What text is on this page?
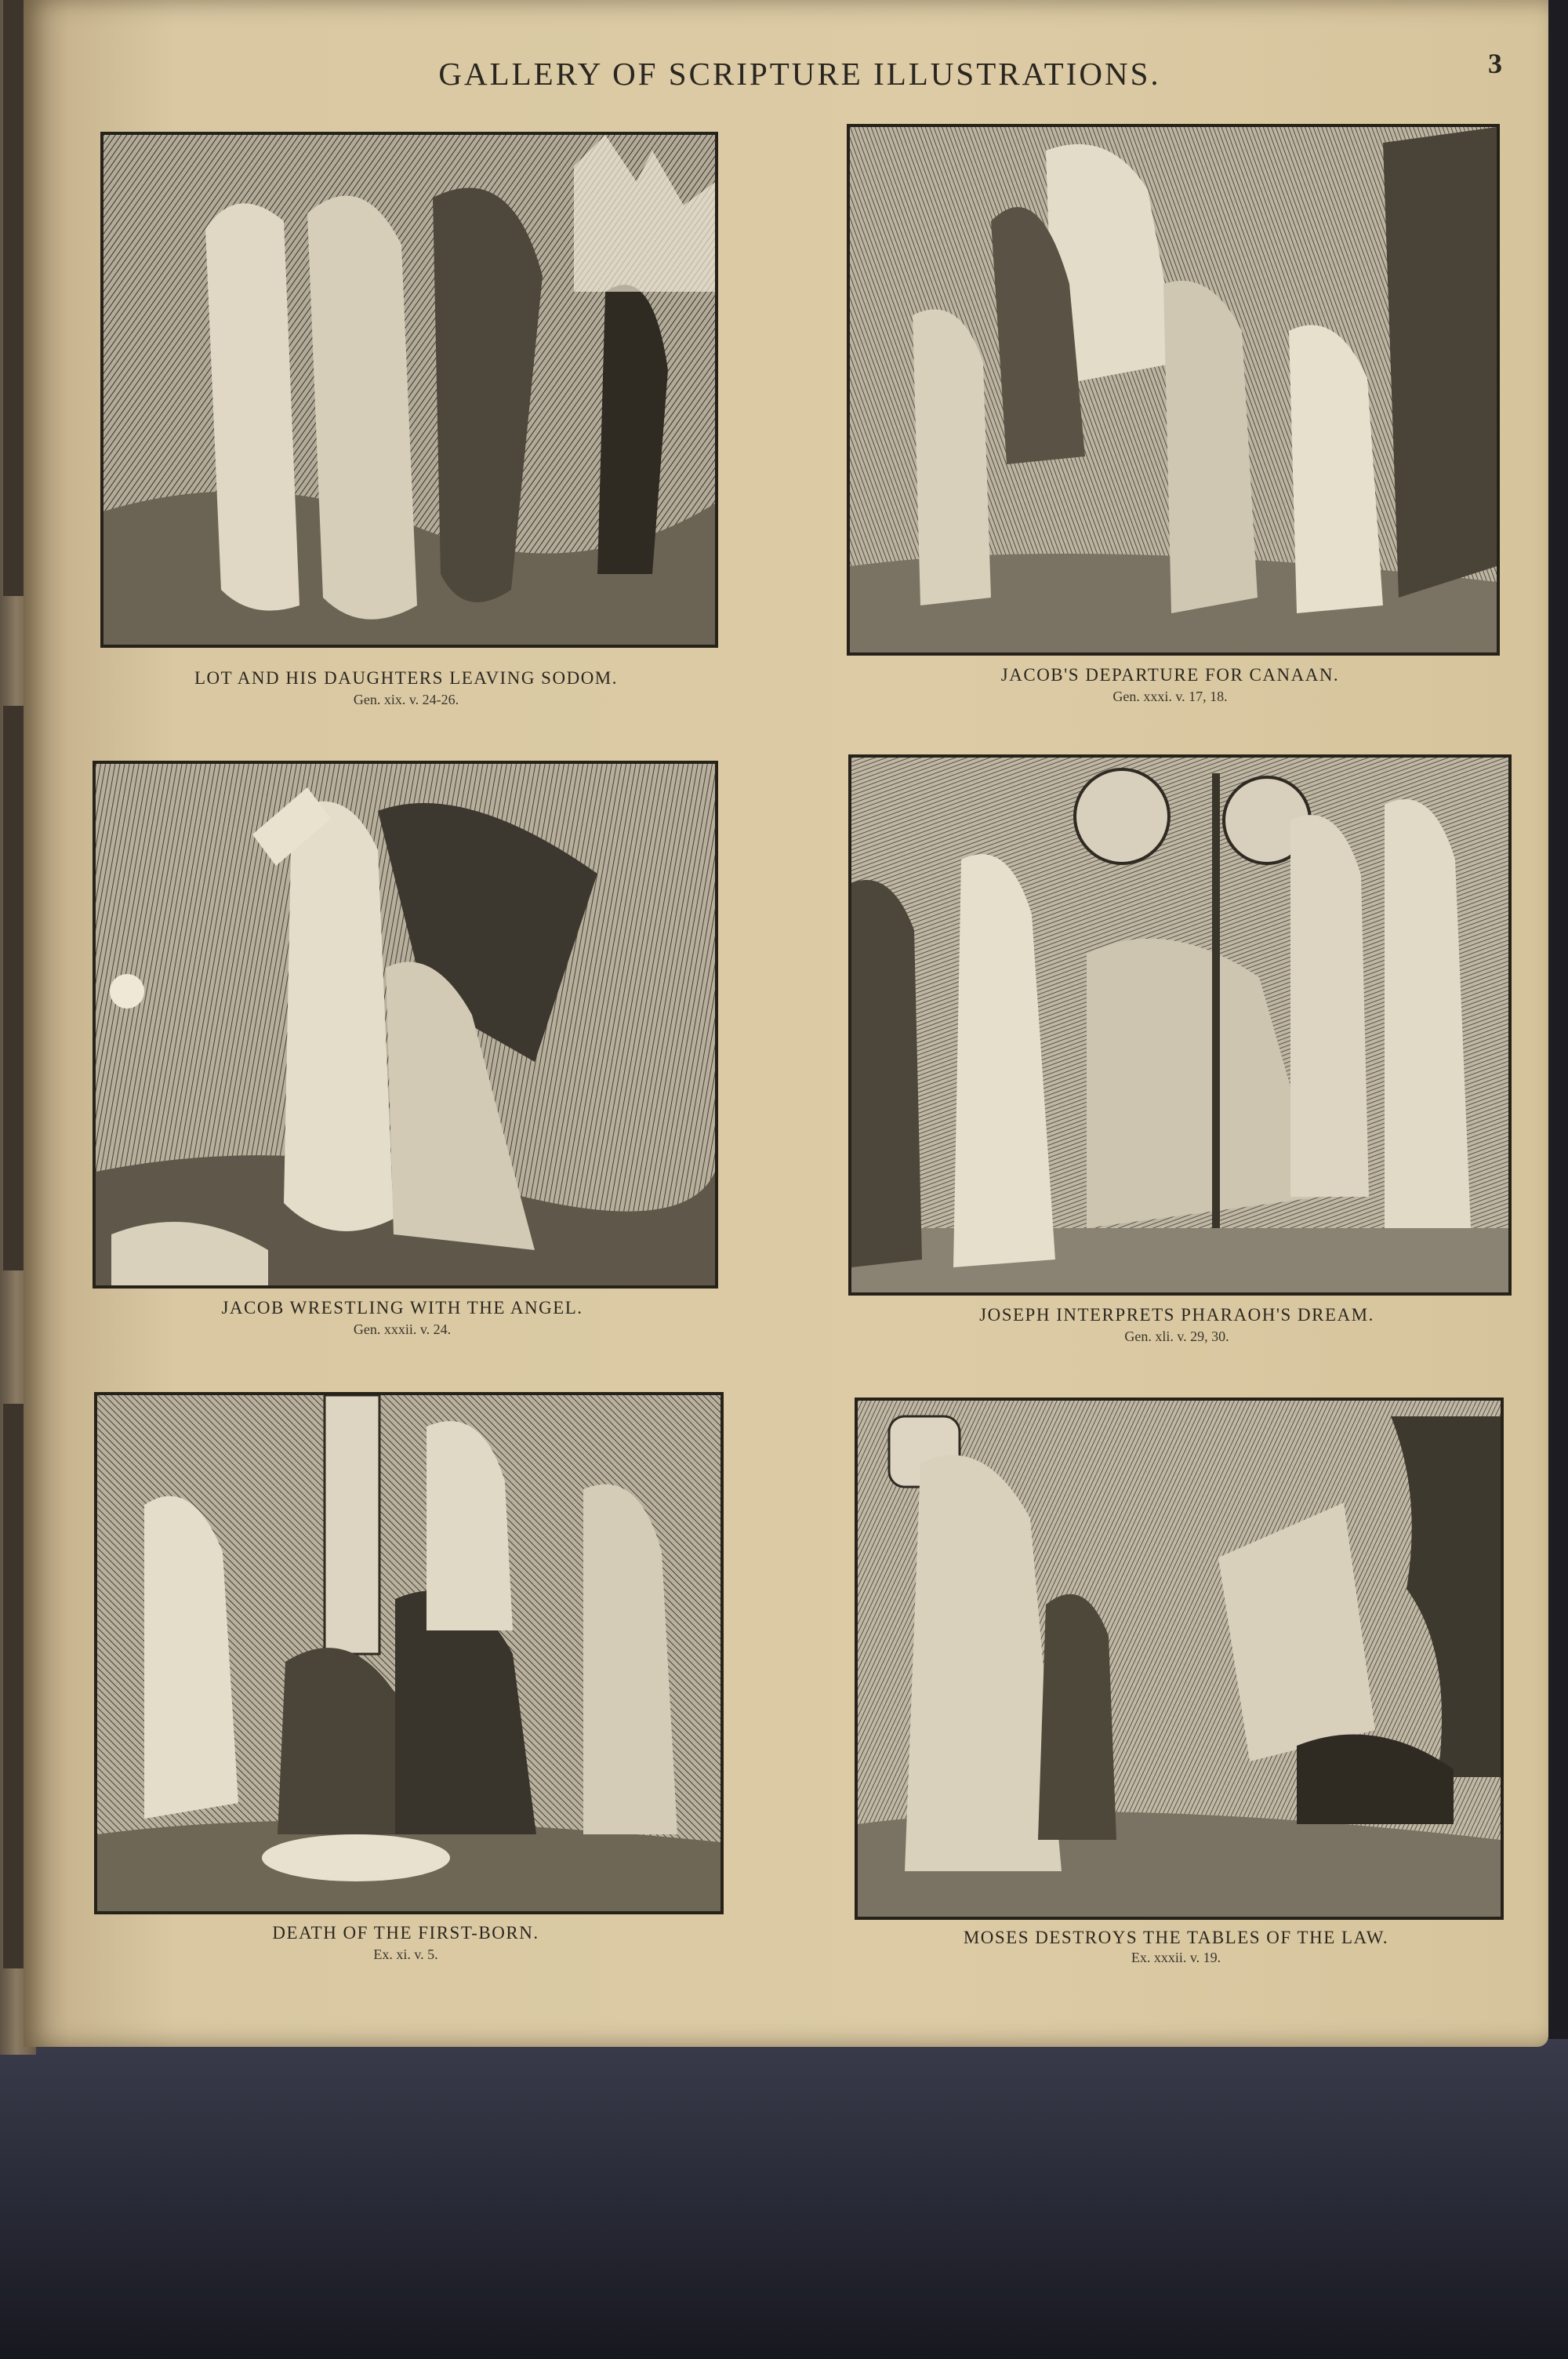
GALLERY OF SCRIPTURE ILLUSTRATIONS.	3
LOT AND HIS DAUGHTERS LEAVING SODOM.
Gen. xix. v. 24-26.
JACOB'S DEPARTURE FOR CANAAN.
Gen. xxxi. v. 17, 18.
JACOB WRESTLING WITH THE ANGEL.
Gen. xxxii. v. 24.
JOSEPH INTERPRETS PHARAOH'S DREAM.
Gen. xli. v. 29, 30.
DEATH OF THE FIRST-BORN.
Ex. xi. v. 5.
MOSES DESTROYS THE TABLES OF THE LAW.
Ex. xxxii. v. 19.
